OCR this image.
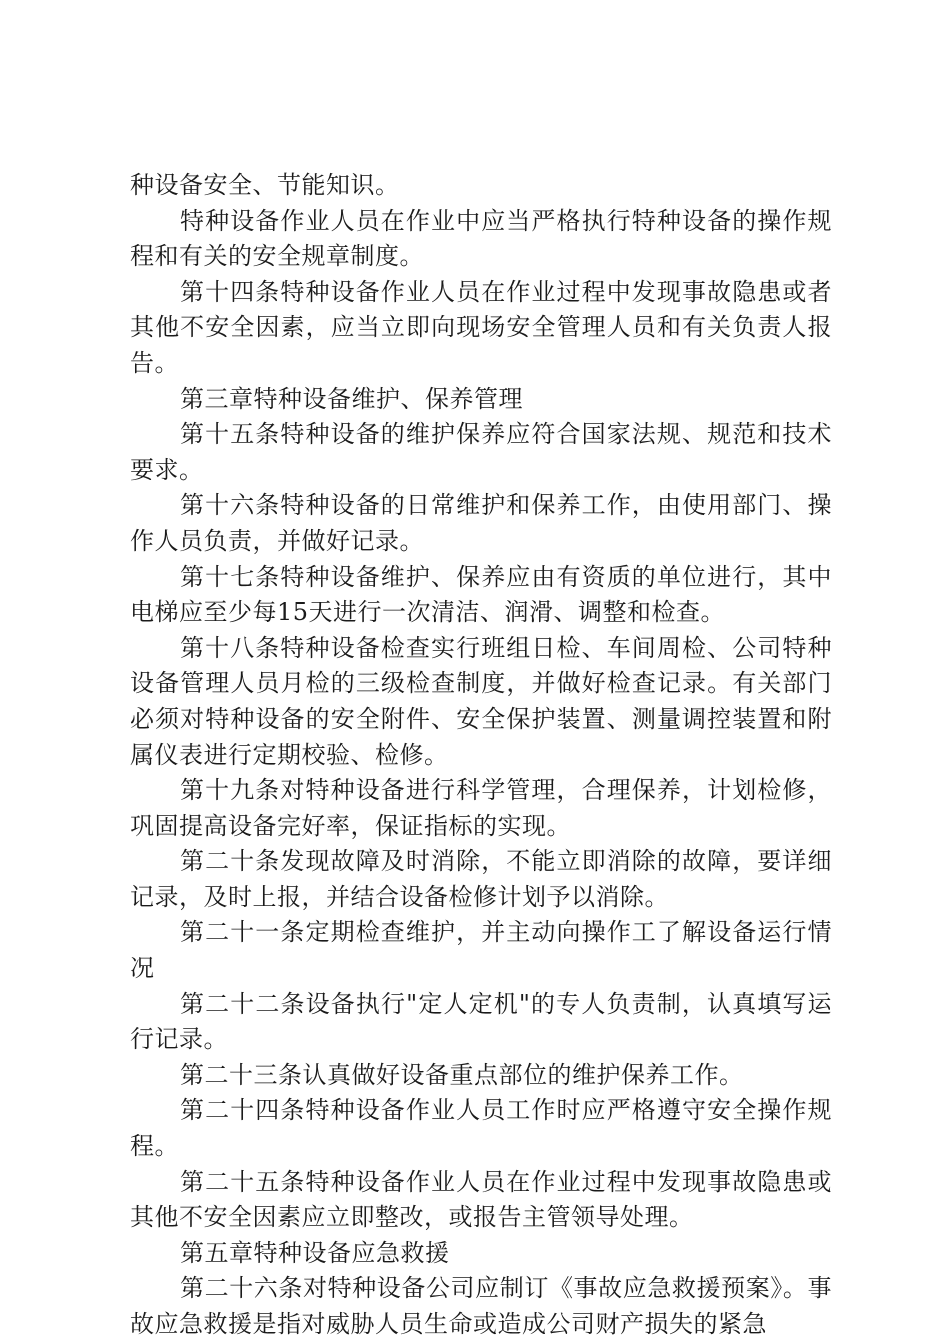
种设备安全、节能知识。

特种设备作业人员在作业中应当严格执行特种设备的操作规程和有关的安全规章制度。

第十四条特种设备作业人员在作业过程中发现事故隐患或者其他不安全因素，应当立即向现场安全管理人员和有关负责人报告。

第三章特种设备维护、保养管理

第十五条特种设备的维护保养应符合国家法规、规范和技术要求。

第十六条特种设备的日常维护和保养工作，由使用部门、操作人员负责，并做好记录。

第十七条特种设备维护、保养应由有资质的单位进行，其中电梯应至少每15天进行一次清洁、润滑、调整和检查。

第十八条特种设备检查实行班组日检、车间周检、公司特种设备管理人员月检的三级检查制度，并做好检查记录。有关部门必须对特种设备的安全附件、安全保护装置、测量调控装置和附属仪表进行定期校验、检修。

第十九条对特种设备进行科学管理，合理保养，计划检修，巩固提高设备完好率，保证指标的实现。

第二十条发现故障及时消除，不能立即消除的故障，要详细记录，及时上报，并结合设备检修计划予以消除。

第二十一条定期检查维护，并主动向操作工了解设备运行情况

第二十二条设备执行"定人定机"的专人负责制，认真填写运行记录。

第二十三条认真做好设备重点部位的维护保养工作。

第二十四条特种设备作业人员工作时应严格遵守安全操作规程。

第二十五条特种设备作业人员在作业过程中发现事故隐患或其他不安全因素应立即整改，或报告主管领导处理。

第五章特种设备应急救援

第二十六条对特种设备公司应制订《事故应急救援预案》。事故应急救援是指对威胁人员生命或造成公司财产损失的紧急
